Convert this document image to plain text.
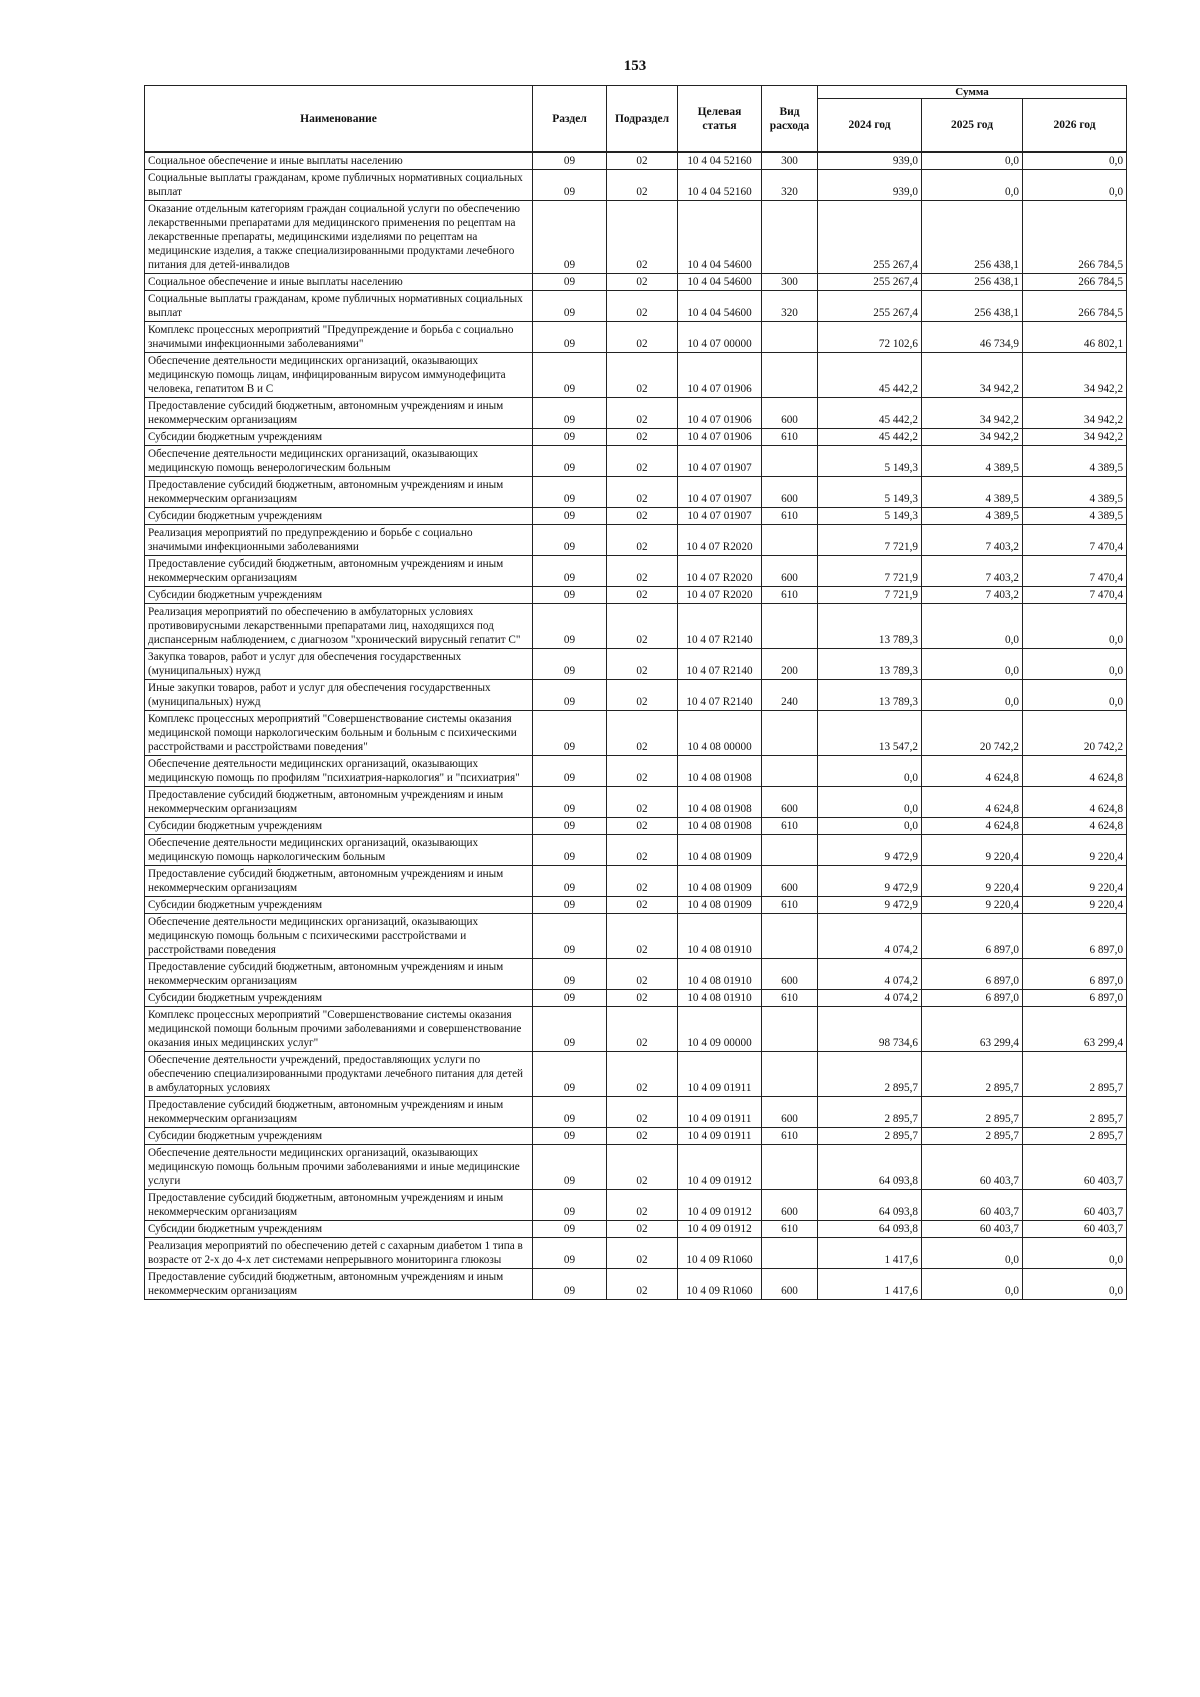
153
Наименование	Раздел	Подраздел	Целевая статья	Вид расхода	Сумма		
					2024 год	2025 год	2026 год
Социальное обеспечение и иные выплаты населению	09	02	10 4 04 52160	300	939,0	0,0	0,0
Социальные выплаты гражданам, кроме публичных нормативных социальных выплат	09	02	10 4 04 52160	320	939,0	0,0	0,0
Оказание отдельным категориям граждан социальной услуги по обеспечению лекарственными препаратами для медицинского применения по рецептам на лекарственные препараты, медицинскими изделиями по рецептам на медицинские изделия, а также специализированными продуктами лечебного питания для детей-инвалидов	09	02	10 4 04 54600		255 267,4	256 438,1	266 784,5
Социальное обеспечение и иные выплаты населению	09	02	10 4 04 54600	300	255 267,4	256 438,1	266 784,5
Социальные выплаты гражданам, кроме публичных нормативных социальных выплат	09	02	10 4 04 54600	320	255 267,4	256 438,1	266 784,5
Комплекс процессных мероприятий "Предупреждение и борьба с социально значимыми инфекционными заболеваниями"	09	02	10 4 07 00000		72 102,6	46 734,9	46 802,1
Обеспечение деятельности медицинских организаций, оказывающих медицинскую помощь лицам, инфицированным вирусом иммунодефицита человека, гепатитом В и С	09	02	10 4 07 01906		45 442,2	34 942,2	34 942,2
Предоставление субсидий бюджетным, автономным учреждениям и иным некоммерческим организациям	09	02	10 4 07 01906	600	45 442,2	34 942,2	34 942,2
Субсидии бюджетным учреждениям	09	02	10 4 07 01906	610	45 442,2	34 942,2	34 942,2
Обеспечение деятельности медицинских организаций, оказывающих медицинскую помощь венерологическим больным	09	02	10 4 07 01907		5 149,3	4 389,5	4 389,5
Предоставление субсидий бюджетным, автономным учреждениям и иным некоммерческим организациям	09	02	10 4 07 01907	600	5 149,3	4 389,5	4 389,5
Субсидии бюджетным учреждениям	09	02	10 4 07 01907	610	5 149,3	4 389,5	4 389,5
Реализация мероприятий по предупреждению и борьбе с социально значимыми инфекционными заболеваниями	09	02	10 4 07 R2020		7 721,9	7 403,2	7 470,4
Предоставление субсидий бюджетным, автономным учреждениям и иным некоммерческим организациям	09	02	10 4 07 R2020	600	7 721,9	7 403,2	7 470,4
Субсидии бюджетным учреждениям	09	02	10 4 07 R2020	610	7 721,9	7 403,2	7 470,4
Реализация мероприятий по обеспечению в амбулаторных условиях противовирусными лекарственными препаратами лиц, находящихся под диспансерным наблюдением, с диагнозом "хронический вирусный гепатит С"	09	02	10 4 07 R2140		13 789,3	0,0	0,0
Закупка товаров, работ и услуг для обеспечения государственных (муниципальных) нужд	09	02	10 4 07 R2140	200	13 789,3	0,0	0,0
Иные закупки товаров, работ и услуг для обеспечения государственных (муниципальных) нужд	09	02	10 4 07 R2140	240	13 789,3	0,0	0,0
Комплекс процессных мероприятий "Совершенствование системы оказания медицинской помощи наркологическим больным и больным с психическими расстройствами и расстройствами поведения"	09	02	10 4 08 00000		13 547,2	20 742,2	20 742,2
Обеспечение деятельности медицинских организаций, оказывающих медицинскую помощь по профилям "психиатрия-наркология" и "психиатрия"	09	02	10 4 08 01908		0,0	4 624,8	4 624,8
Предоставление субсидий бюджетным, автономным учреждениям и иным некоммерческим организациям	09	02	10 4 08 01908	600	0,0	4 624,8	4 624,8
Субсидии бюджетным учреждениям	09	02	10 4 08 01908	610	0,0	4 624,8	4 624,8
Обеспечение деятельности медицинских организаций, оказывающих медицинскую помощь наркологическим больным	09	02	10 4 08 01909		9 472,9	9 220,4	9 220,4
Предоставление субсидий бюджетным, автономным учреждениям и иным некоммерческим организациям	09	02	10 4 08 01909	600	9 472,9	9 220,4	9 220,4
Субсидии бюджетным учреждениям	09	02	10 4 08 01909	610	9 472,9	9 220,4	9 220,4
Обеспечение деятельности медицинских организаций, оказывающих медицинскую помощь больным с психическими расстройствами и расстройствами поведения	09	02	10 4 08 01910		4 074,2	6 897,0	6 897,0
Предоставление субсидий бюджетным, автономным учреждениям и иным некоммерческим организациям	09	02	10 4 08 01910	600	4 074,2	6 897,0	6 897,0
Субсидии бюджетным учреждениям	09	02	10 4 08 01910	610	4 074,2	6 897,0	6 897,0
Комплекс процессных мероприятий "Совершенствование системы оказания медицинской помощи больным прочими заболеваниями и совершенствование оказания иных медицинских услуг"	09	02	10 4 09 00000		98 734,6	63 299,4	63 299,4
Обеспечение деятельности учреждений, предоставляющих услуги по обеспечению специализированными продуктами лечебного питания для детей в амбулаторных условиях	09	02	10 4 09 01911		2 895,7	2 895,7	2 895,7
Предоставление субсидий бюджетным, автономным учреждениям и иным некоммерческим организациям	09	02	10 4 09 01911	600	2 895,7	2 895,7	2 895,7
Субсидии бюджетным учреждениям	09	02	10 4 09 01911	610	2 895,7	2 895,7	2 895,7
Обеспечение деятельности медицинских организаций, оказывающих медицинскую помощь больным прочими заболеваниями и иные медицинские услуги	09	02	10 4 09 01912		64 093,8	60 403,7	60 403,7
Предоставление субсидий бюджетным, автономным учреждениям и иным некоммерческим организациям	09	02	10 4 09 01912	600	64 093,8	60 403,7	60 403,7
Субсидии бюджетным учреждениям	09	02	10 4 09 01912	610	64 093,8	60 403,7	60 403,7
Реализация мероприятий по обеспечению детей с сахарным диабетом 1 типа в возрасте от 2-х до 4-х лет системами непрерывного мониторинга глюкозы	09	02	10 4 09 R1060		1 417,6	0,0	0,0
Предоставление субсидий бюджетным, автономным учреждениям и иным некоммерческим организациям	09	02	10 4 09 R1060	600	1 417,6	0,0	0,0
